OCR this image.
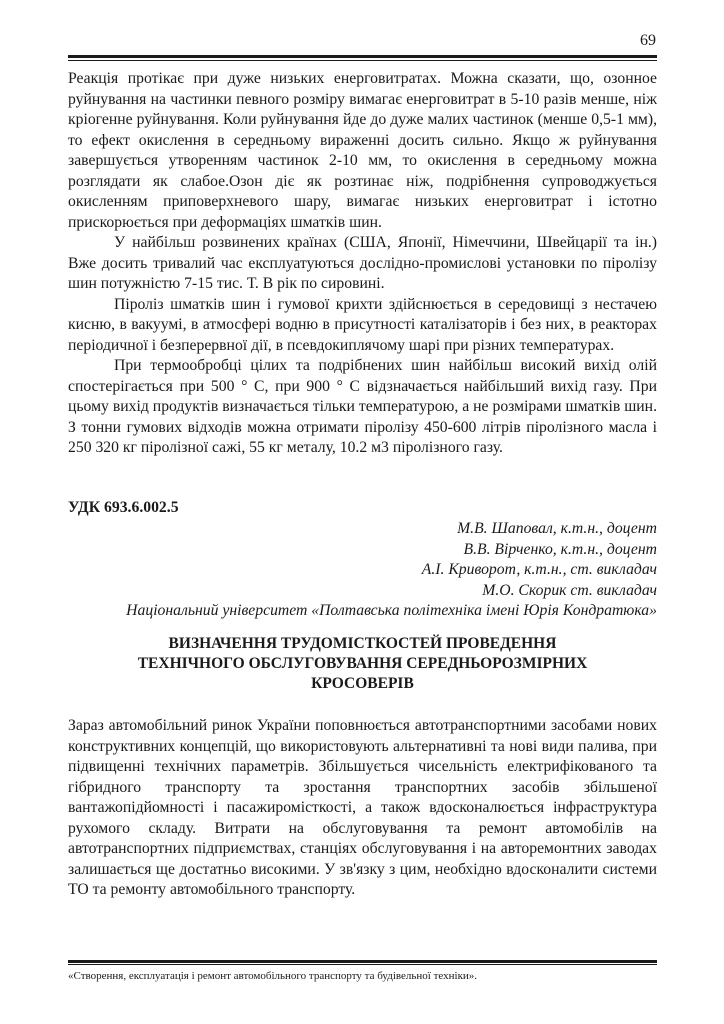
69

Реакція протікає при дуже низьких енерговитратах. Можна сказати, що, озонное руйнування на частинки певного розміру вимагає енерговитрат в 5-10 разів менше, ніж кріогенне руйнування. Коли руйнування йде до дуже малих частинок (менше 0,5-1 мм), то ефект окислення в середньому вираженні досить сильно. Якщо ж руйнування завершується утворенням частинок 2-10 мм, то окислення в середньому можна розглядати як слабое.Озон діє як розтинає ніж, подрібнення супроводжується окисленням приповерхневого шару, вимагає низьких енерговитрат і істотно прискорюється при деформаціях шматків шин.

У найбільш розвинених країнах (США, Японії, Німеччини, Швейцарії та ін.) Вже досить тривалий час експлуатуються дослідно-промислові установки по піролізу шин потужністю 7-15 тис. Т. В рік по сировині.

Піроліз шматків шин і гумової крихти здійснюється в середовищі з нестачею кисню, в вакуумі, в атмосфері водню в присутності каталізаторів і без них, в реакторах періодичної і безперервної дії, в псевдокиплячому шарі при різних температурах.

При термообробці цілих та подрібнених шин найбільш високий вихід олій спостерігається при 500 ° С, при 900 ° С відзначається найбільший вихід газу. При цьому вихід продуктів визначається тільки температурою, а не розмірами шматків шин. З тонни гумових відходів можна отримати піролізу 450-600 літрів піролізного масла і 250 320 кг піролізної сажі, 55 кг металу, 10.2 м3 піролізного газу.

УДК 693.6.002.5
М.В. Шаповал, к.т.н., доцент
В.В. Вірченко, к.т.н., доцент
А.І. Криворот, к.т.н., ст. викладач
М.О. Скорик ст. викладач
Національний університет «Полтавська політехніка імені Юрія Кондратюка»
ВИЗНАЧЕННЯ ТРУДОМІСТКОСТЕЙ ПРОВЕДЕННЯ
ТЕХНІЧНОГО ОБСЛУГОВУВАННЯ СЕРЕДНЬОРОЗМІРНИХ
КРОСОВЕРІВ

Зараз автомобільний ринок України поповнюється автотранспортними засобами нових конструктивних концепцій, що використовують альтернативні та нові види палива, при підвищенні технічних параметрів. Збільшується чисельність електрифікованого та гібридного транспорту та зростання транспортних засобів збільшеної вантажопідйомності і пасажиромісткості, а також вдосконалюється інфраструктура рухомого складу. Витрати на обслуговування та ремонт автомобілів на автотранспортних підприємствах, станціях обслуговування і на авторемонтних заводах залишається ще достатньо високими. У зв'язку з цим, необхідно вдосконалити системи ТО та ремонту автомобільного транспорту.

«Створення, експлуатація і ремонт автомобільного транспорту та будівельної техніки».
